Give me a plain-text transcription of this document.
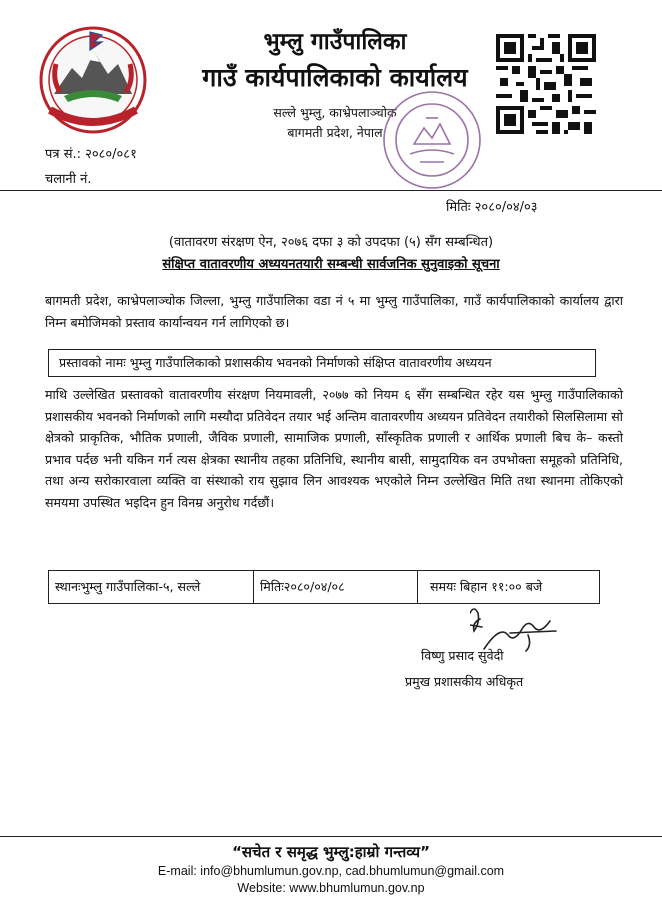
भुम्लु गाउँपालिका
गाउँ कार्यपालिकाको कार्यालय
सल्ले भुम्लु, काभ्रेपलाञ्चोक
बागमती प्रदेश, नेपाल
पत्र सं.: २०८०/०८१
चलानी नं.
मितिः २०८०/०४/०३
(वातावरण संरक्षण ऐन, २०७६ दफा ३ को उपदफा (५) सँग सम्बन्धित)
संक्षिप्त वातावरणीय अध्ययनतयारी सम्बन्धी सार्वजनिक सुनुवाइको सूचना
बागमती प्रदेश, काभ्रेपलाञ्चोक जिल्ला, भुम्लु गाउँपालिका वडा नं ५ मा भुम्लु गाउँपालिका, गाउँ कार्यपालिकाको कार्यालय द्वारा निम्न बमोजिमको प्रस्ताव कार्यान्वयन गर्न लागिएको छ।
प्रस्तावको नामः भुम्लु गाउँपालिकाको प्रशासकीय भवनको निर्माणको संक्षिप्त वातावरणीय अध्ययन
माथि उल्लेखित प्रस्तावको वातावरणीय संरक्षण नियमावली, २०७७ को नियम ६ सँग सम्बन्धित रहेर यस भुम्लु गाउँपालिकाको प्रशासकीय भवनको निर्माणको लागि मस्यौदा प्रतिवेदन तयार भई अन्तिम वातावरणीय अध्ययन प्रतिवेदन तयारीको सिलसिलामा सो क्षेत्रको प्राकृतिक, भौतिक प्रणाली, जैविक प्रणाली, सामाजिक प्रणाली, साँस्कृतिक प्रणाली र आर्थिक प्रणाली बिच के– कस्तो प्रभाव पर्दछ भनी यकिन गर्न त्यस क्षेत्रका स्थानीय तहका प्रतिनिधि, स्थानीय बासी, सामुदायिक वन उपभोक्ता समूहको प्रतिनिधि, तथा अन्य सरोकारवाला व्यक्ति वा संस्थाको राय सुझाव लिन आवश्यक भएकोले निम्न उल्लेखित मिति तथा स्थानमा तोकिएको समयमा उपस्थित भइदिन हुन विनम्र अनुरोध गर्दछौं।
स्थानःभुम्लु गाउँपालिका-५, सल्ले	मितिः२०८०/०४/०८	समयः बिहान ११:०० बजे
विष्णु प्रसाद सुवेदी
प्रमुख प्रशासकीय अधिकृत
“सचेत र समृद्ध भुम्लु:हाम्रो गन्तव्य”
E-mail: info@bhumlumun.gov.np, cad.bhumlumun@gmail.com
Website: www.bhumlumun.gov.np
